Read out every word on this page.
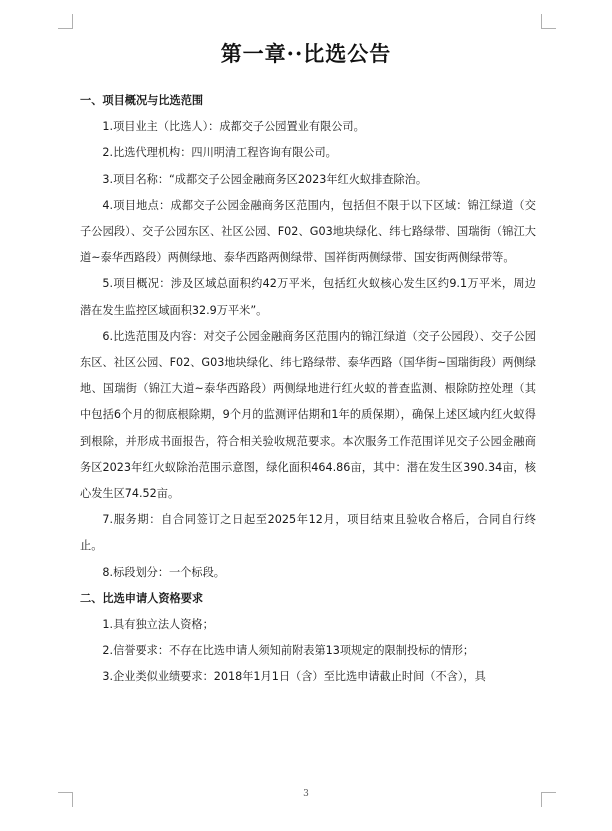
第一章··比选公告

一、项目概况与比选范围

1.项目业主（比选人）：成都交子公园置业有限公司。

2.比选代理机构：四川明清工程咨询有限公司。

3.项目名称：“成都交子公园金融商务区2023年红火蚁排查除治。

4.项目地点：成都交子公园金融商务区范围内，包括但不限于以下区域：锦江绿道（交子公园段）、交子公园东区、社区公园、F02、G03地块绿化、纬七路绿带、国瑞街（锦江大道~泰华西路段）两侧绿地、泰华西路两侧绿带、国祥街两侧绿带、国安街两侧绿带等。

5.项目概况：涉及区域总面积约42万平米，包括红火蚁核心发生区约9.1万平米，周边潜在发生监控区域面积32.9万平米”。

6.比选范围及内容：对交子公园金融商务区范围内的锦江绿道（交子公园段）、交子公园东区、社区公园、F02、G03地块绿化、纬七路绿带、泰华西路（国华街~国瑞街段）两侧绿地、国瑞街（锦江大道~泰华西路段）两侧绿地进行红火蚁的普查监测、根除防控处理（其中包括6个月的彻底根除期，9个月的监测评估期和1年的质保期），确保上述区域内红火蚁得到根除，并形成书面报告，符合相关验收规范要求。本次服务工作范围详见交子公园金融商务区2023年红火蚁除治范围示意图，绿化面积464.86亩，其中：潜在发生区390.34亩，核心发生区74.52亩。

7.服务期：自合同签订之日起至2025年12月，项目结束且验收合格后，合同自行终止。

8.标段划分：一个标段。

二、比选申请人资格要求

1.具有独立法人资格；

2.信誉要求：不存在比选申请人须知前附表第13项规定的限制投标的情形；

3.企业类似业绩要求：2018年1月1日（含）至比选申请截止时间（不含），具

3
